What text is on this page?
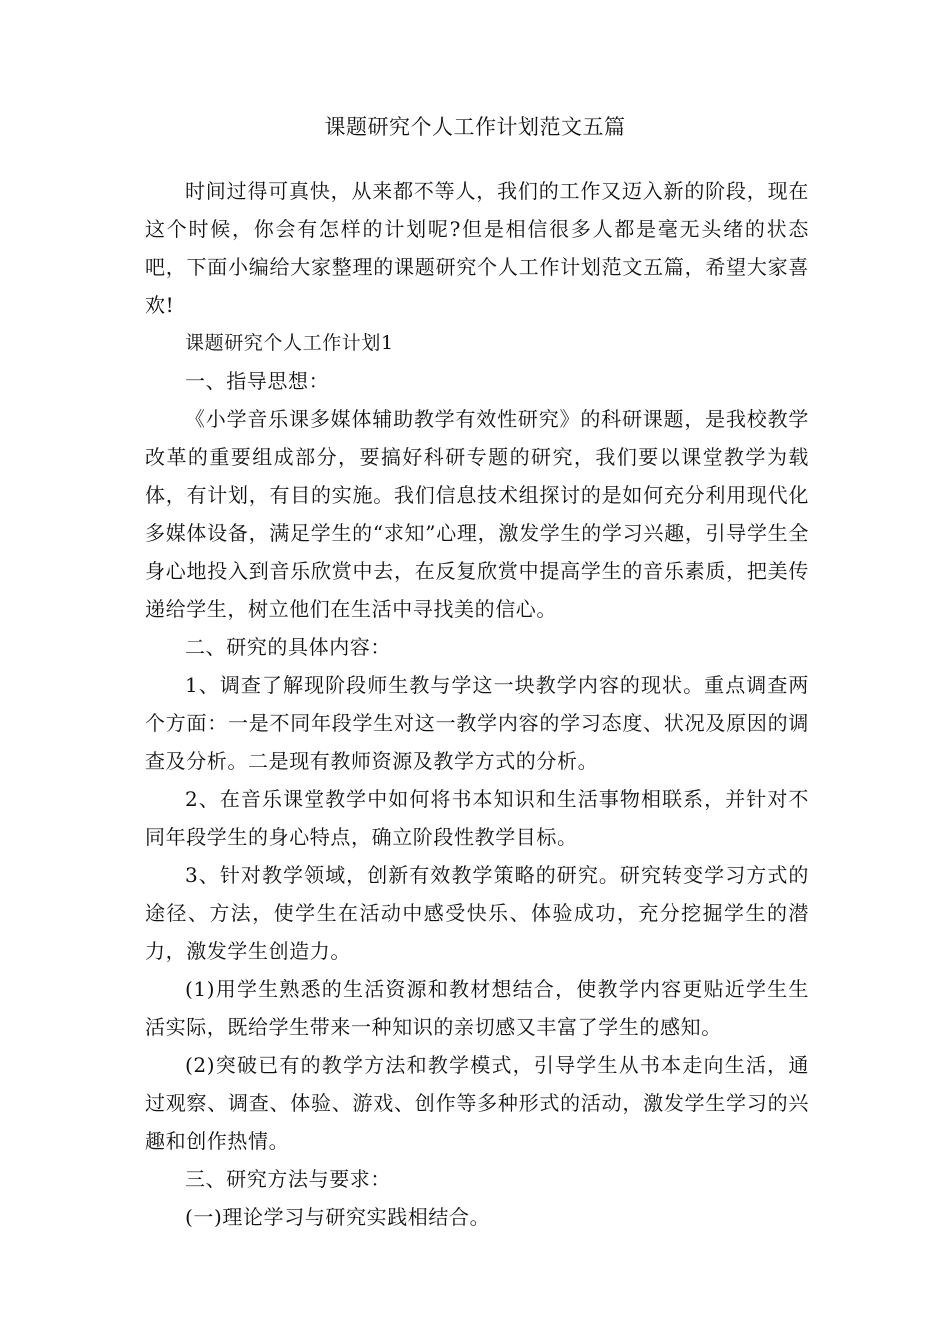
课题研究个人工作计划范文五篇

时间过得可真快，从来都不等人，我们的工作又迈入新的阶段，现在这个时候，你会有怎样的计划呢?但是相信很多人都是毫无头绪的状态吧，下面小编给大家整理的课题研究个人工作计划范文五篇，希望大家喜欢!

课题研究个人工作计划1

一、指导思想：

《小学音乐课多媒体辅助教学有效性研究》的科研课题，是我校教学改革的重要组成部分，要搞好科研专题的研究，我们要以课堂教学为载体，有计划，有目的实施。我们信息技术组探讨的是如何充分利用现代化多媒体设备，满足学生的“求知”心理，激发学生的学习兴趣，引导学生全身心地投入到音乐欣赏中去，在反复欣赏中提高学生的音乐素质，把美传递给学生，树立他们在生活中寻找美的信心。

二、研究的具体内容：

1、调查了解现阶段师生教与学这一块教学内容的现状。重点调查两个方面：一是不同年段学生对这一教学内容的学习态度、状况及原因的调查及分析。二是现有教师资源及教学方式的分析。

2、在音乐课堂教学中如何将书本知识和生活事物相联系，并针对不同年段学生的身心特点，确立阶段性教学目标。

3、针对教学领域，创新有效教学策略的研究。研究转变学习方式的途径、方法，使学生在活动中感受快乐、体验成功，充分挖掘学生的潜力，激发学生创造力。

(1)用学生熟悉的生活资源和教材想结合，使教学内容更贴近学生生活实际，既给学生带来一种知识的亲切感又丰富了学生的感知。

(2)突破已有的教学方法和教学模式，引导学生从书本走向生活，通过观察、调查、体验、游戏、创作等多种形式的活动，激发学生学习的兴趣和创作热情。

三、研究方法与要求：

(一)理论学习与研究实践相结合。
